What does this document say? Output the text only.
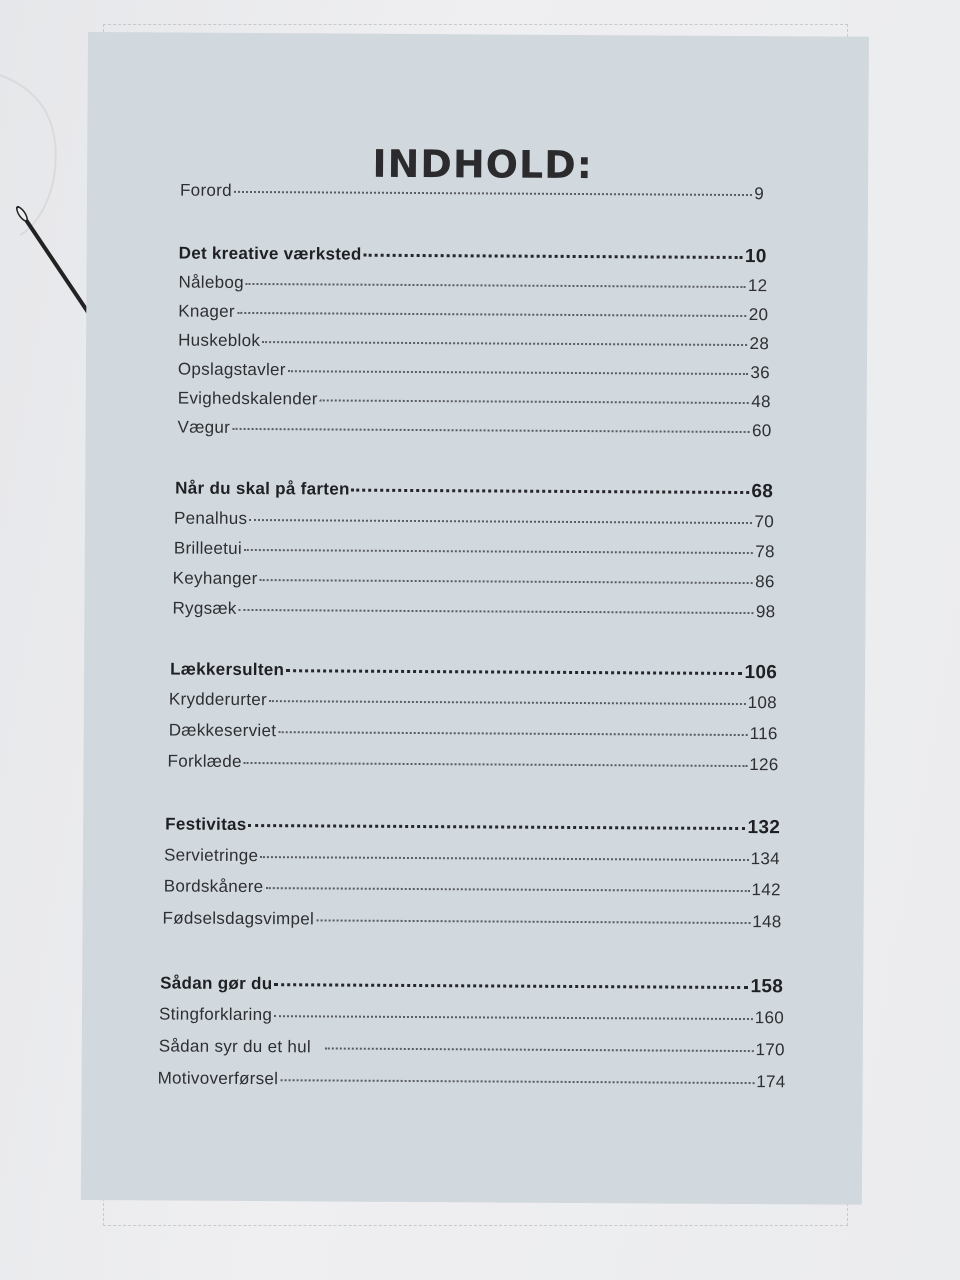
INDHOLD:
Forord	9
Det kreative værksted	10
Nålebog	12
Knager	20
Huskeblok	28
Opslagstavler	36
Evighedskalender	48
Vægur	60
Når du skal på farten	68
Penalhus	70
Brilleetui	78
Keyhanger	86
Rygsæk	98
Lækkersulten	106
Krydderurter	108
Dækkeserviet	116
Forklæde	126
Festivitas	132
Servietringe	134
Bordskånere	142
Fødselsdagsvimpel	148
Sådan gør du	158
Stingforklaring	160
Sådan syr du et hul	170
Motivoverførsel	174
